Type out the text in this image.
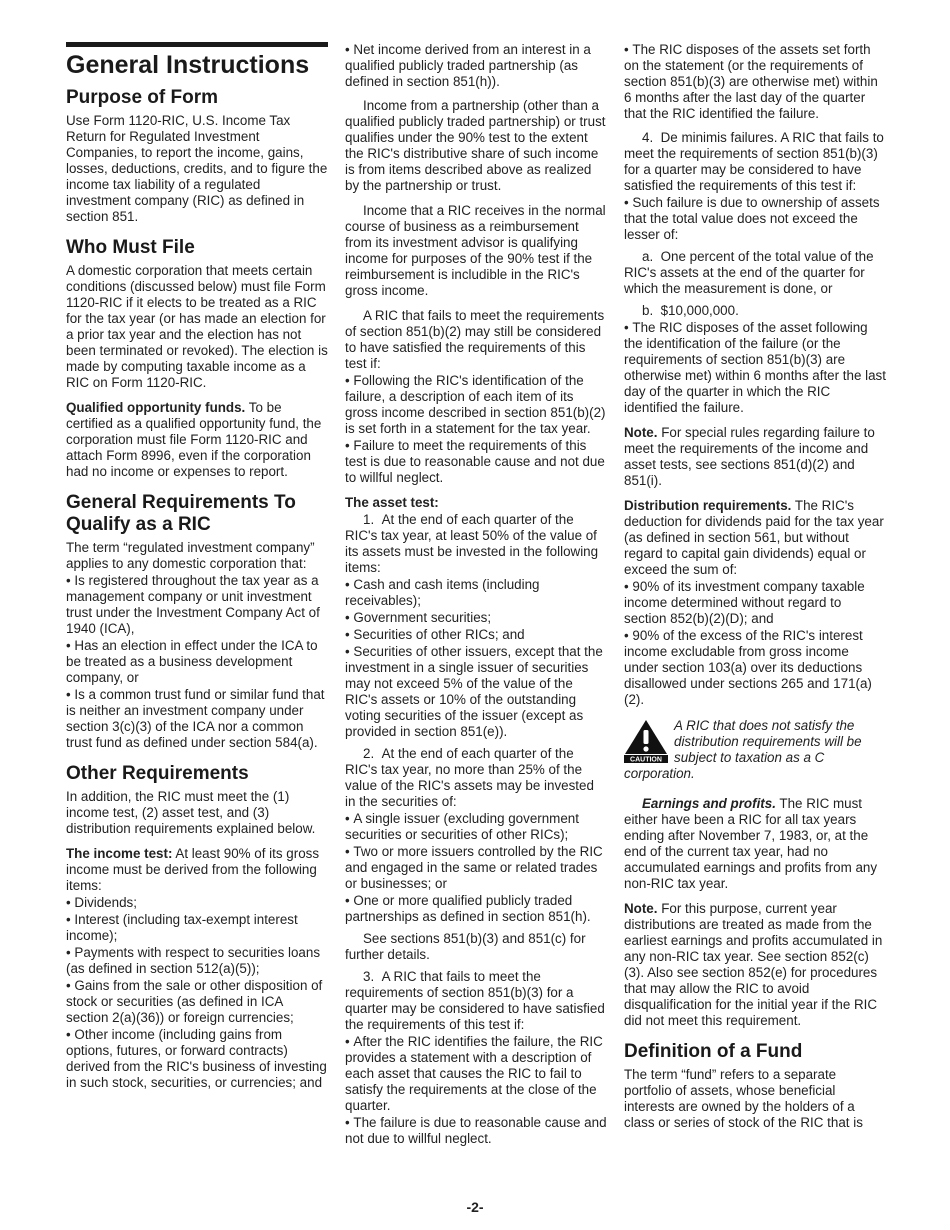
General Instructions
Purpose of Form

Use Form 1120-RIC, U.S. Income Tax Return for Regulated Investment Companies, to report the income, gains, losses, deductions, credits, and to figure the income tax liability of a regulated investment company (RIC) as defined in section 851.

Who Must File

A domestic corporation that meets certain conditions (discussed below) must file Form 1120-RIC if it elects to be treated as a RIC for the tax year (or has made an election for a prior tax year and the election has not been terminated or revoked). The election is made by computing taxable income as a RIC on Form 1120-RIC.

Qualified opportunity funds. To be certified as a qualified opportunity fund, the corporation must file Form 1120-RIC and attach Form 8996, even if the corporation had no income or expenses to report.

General Requirements To Qualify as a RIC

The term “regulated investment company” applies to any domestic corporation that:

• Is registered throughout the tax year as a management company or unit investment trust under the Investment Company Act of 1940 (ICA),

• Has an election in effect under the ICA to be treated as a business development company, or

• Is a common trust fund or similar fund that is neither an investment company under section 3(c)(3) of the ICA nor a common trust fund as defined under section 584(a).

Other Requirements

In addition, the RIC must meet the (1) income test, (2) asset test, and (3) distribution requirements explained below.

The income test: At least 90% of its gross income must be derived from the following items:

• Dividends;

• Interest (including tax-exempt interest income);

• Payments with respect to securities loans (as defined in section 512(a)(5));

• Gains from the sale or other disposition of stock or securities (as defined in ICA section 2(a)(36)) or foreign currencies;

• Other income (including gains from options, futures, or forward contracts) derived from the RIC's business of investing in such stock, securities, or currencies; and

• Net income derived from an interest in a qualified publicly traded partnership (as defined in section 851(h)).

Income from a partnership (other than a qualified publicly traded partnership) or trust qualifies under the 90% test to the extent the RIC's distributive share of such income is from items described above as realized by the partnership or trust.

Income that a RIC receives in the normal course of business as a reimbursement from its investment advisor is qualifying income for purposes of the 90% test if the reimbursement is includible in the RIC's gross income.

A RIC that fails to meet the requirements of section 851(b)(2) may still be considered to have satisfied the requirements of this test if:

• Following the RIC's identification of the failure, a description of each item of its gross income described in section 851(b)(2) is set forth in a statement for the tax year.

• Failure to meet the requirements of this test is due to reasonable cause and not due to willful neglect.

The asset test:

1.  At the end of each quarter of the RIC's tax year, at least 50% of the value of its assets must be invested in the following items:

• Cash and cash items (including receivables);

• Government securities;

• Securities of other RICs; and

• Securities of other issuers, except that the investment in a single issuer of securities may not exceed 5% of the value of the RIC's assets or 10% of the outstanding voting securities of the issuer (except as provided in section 851(e)).

2.  At the end of each quarter of the RIC's tax year, no more than 25% of the value of the RIC's assets may be invested in the securities of:

• A single issuer (excluding government securities or securities of other RICs);

• Two or more issuers controlled by the RIC and engaged in the same or related trades or businesses; or

• One or more qualified publicly traded partnerships as defined in section 851(h).

See sections 851(b)(3) and 851(c) for further details.

3.  A RIC that fails to meet the requirements of section 851(b)(3) for a quarter may be considered to have satisfied the requirements of this test if:

• After the RIC identifies the failure, the RIC provides a statement with a description of each asset that causes the RIC to fail to satisfy the requirements at the close of the quarter.

• The failure is due to reasonable cause and not due to willful neglect.

• The RIC disposes of the assets set forth on the statement (or the requirements of section 851(b)(3) are otherwise met) within 6 months after the last day of the quarter that the RIC identified the failure.

4.  De minimis failures. A RIC that fails to meet the requirements of section 851(b)(3) for a quarter may be considered to have satisfied the requirements of this test if:

• Such failure is due to ownership of assets that the total value does not exceed the lesser of:

a.  One percent of the total value of the RIC's assets at the end of the quarter for which the measurement is done, or

b.  $10,000,000.

• The RIC disposes of the asset following the identification of the failure (or the requirements of section 851(b)(3) are otherwise met) within 6 months after the last day of the quarter in which the RIC identified the failure.

Note. For special rules regarding failure to meet the requirements of the income and asset tests, see sections 851(d)(2) and 851(i).

Distribution requirements. The RIC's deduction for dividends paid for the tax year (as defined in section 561, but without regard to capital gain dividends) equal or exceed the sum of:

• 90% of its investment company taxable income determined without regard to section 852(b)(2)(D); and

• 90% of the excess of the RIC's interest income excludable from gross income under section 103(a) over its deductions disallowed under sections 265 and 171(a)(2).

CAUTION
A RIC that does not satisfy the distribution requirements will be subject to taxation as a C corporation.

Earnings and profits. The RIC must either have been a RIC for all tax years ending after November 7, 1983, or, at the end of the current tax year, had no accumulated earnings and profits from any non-RIC tax year.

Note. For this purpose, current year distributions are treated as made from the earliest earnings and profits accumulated in any non-RIC tax year. See section 852(c)(3). Also see section 852(e) for procedures that may allow the RIC to avoid disqualification for the initial year if the RIC did not meet this requirement.

Definition of a Fund

The term “fund” refers to a separate portfolio of assets, whose beneficial interests are owned by the holders of a class or series of stock of the RIC that is

-2-
